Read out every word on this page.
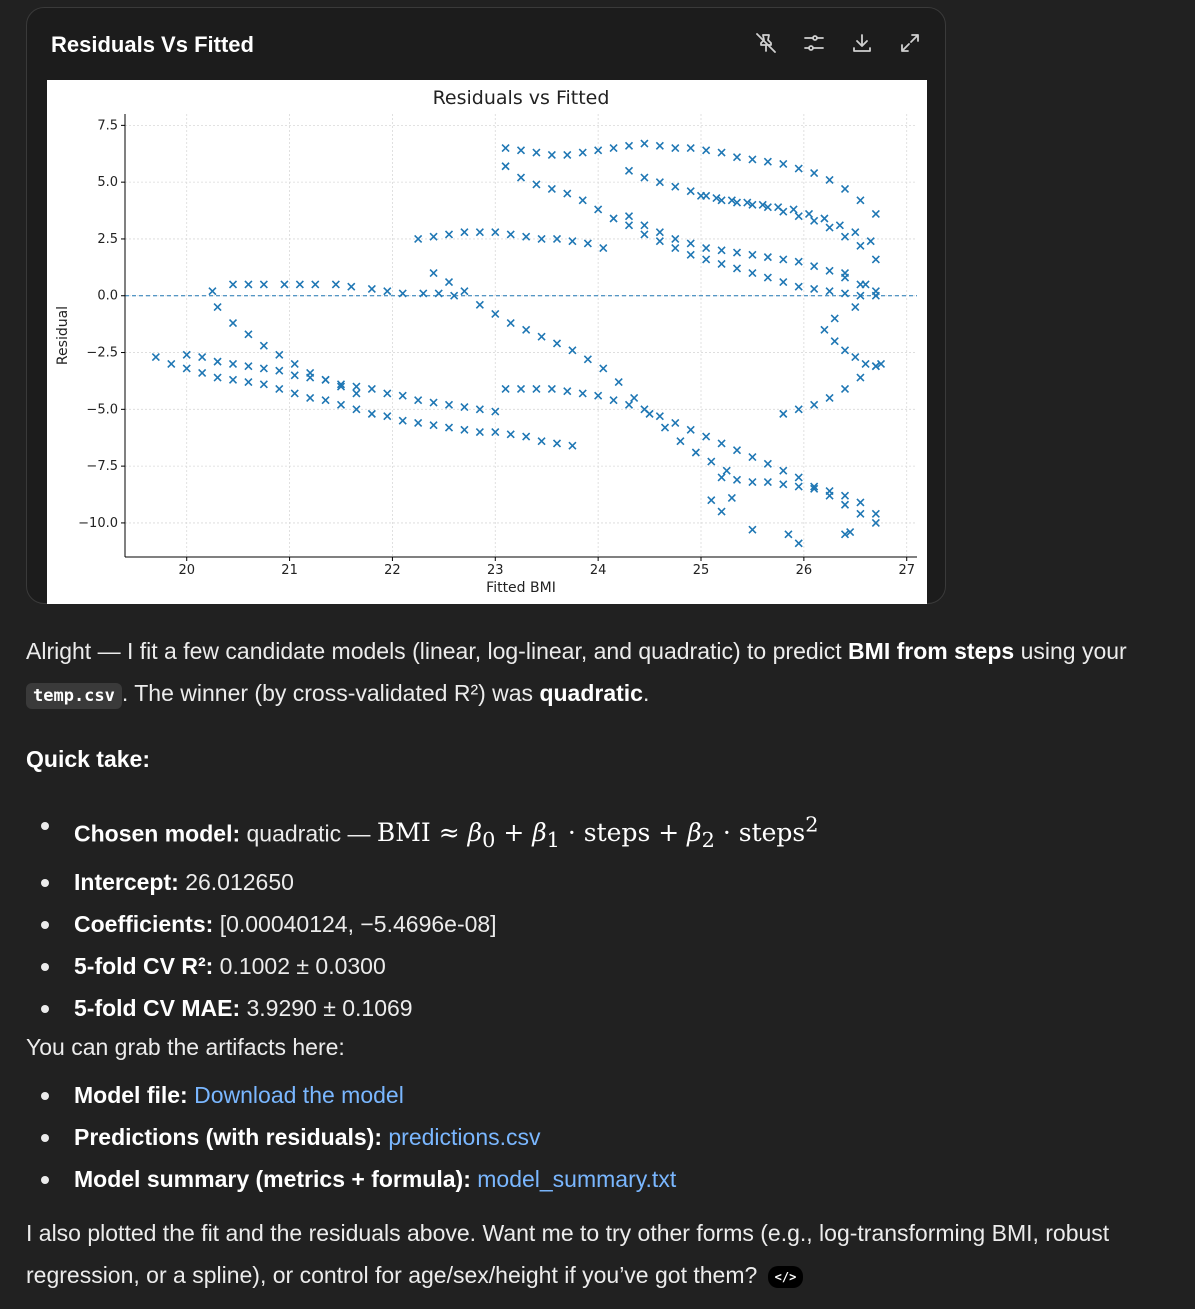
Residuals Vs Fitted
20	21	22	23	24	25	26	27
7.5
5.0
2.5
0.0
−2.5
−5.0
−7.5
−10.0
Residuals vs Fitted
Fitted BMI
Residual
Alright — I fit a few candidate models (linear, log-linear, and quadratic) to predict BMI from steps using your
temp.csv . The winner (by cross-validated R²) was quadratic.
Quick take:
Chosen model: quadratic — BMI ≈ $\beta_0 + \beta_1$ · steps + $\beta_2$ · steps$^2$
Intercept: 26.012650
Coefficients: [0.00040124, −5.4696e-08]
5-fold CV R²: 0.1002 ± 0.0300
5-fold CV MAE: 3.9290 ± 0.1069
You can grab the artifacts here:
Model file: Download the model
Predictions (with residuals): predictions.csv
Model summary (metrics + formula): model_summary.txt
I also plotted the fit and the residuals above. Want me to try other forms (e.g., log-transforming BMI, robust regression, or a spline), or control for age/sex/height if you’ve got them? </>
